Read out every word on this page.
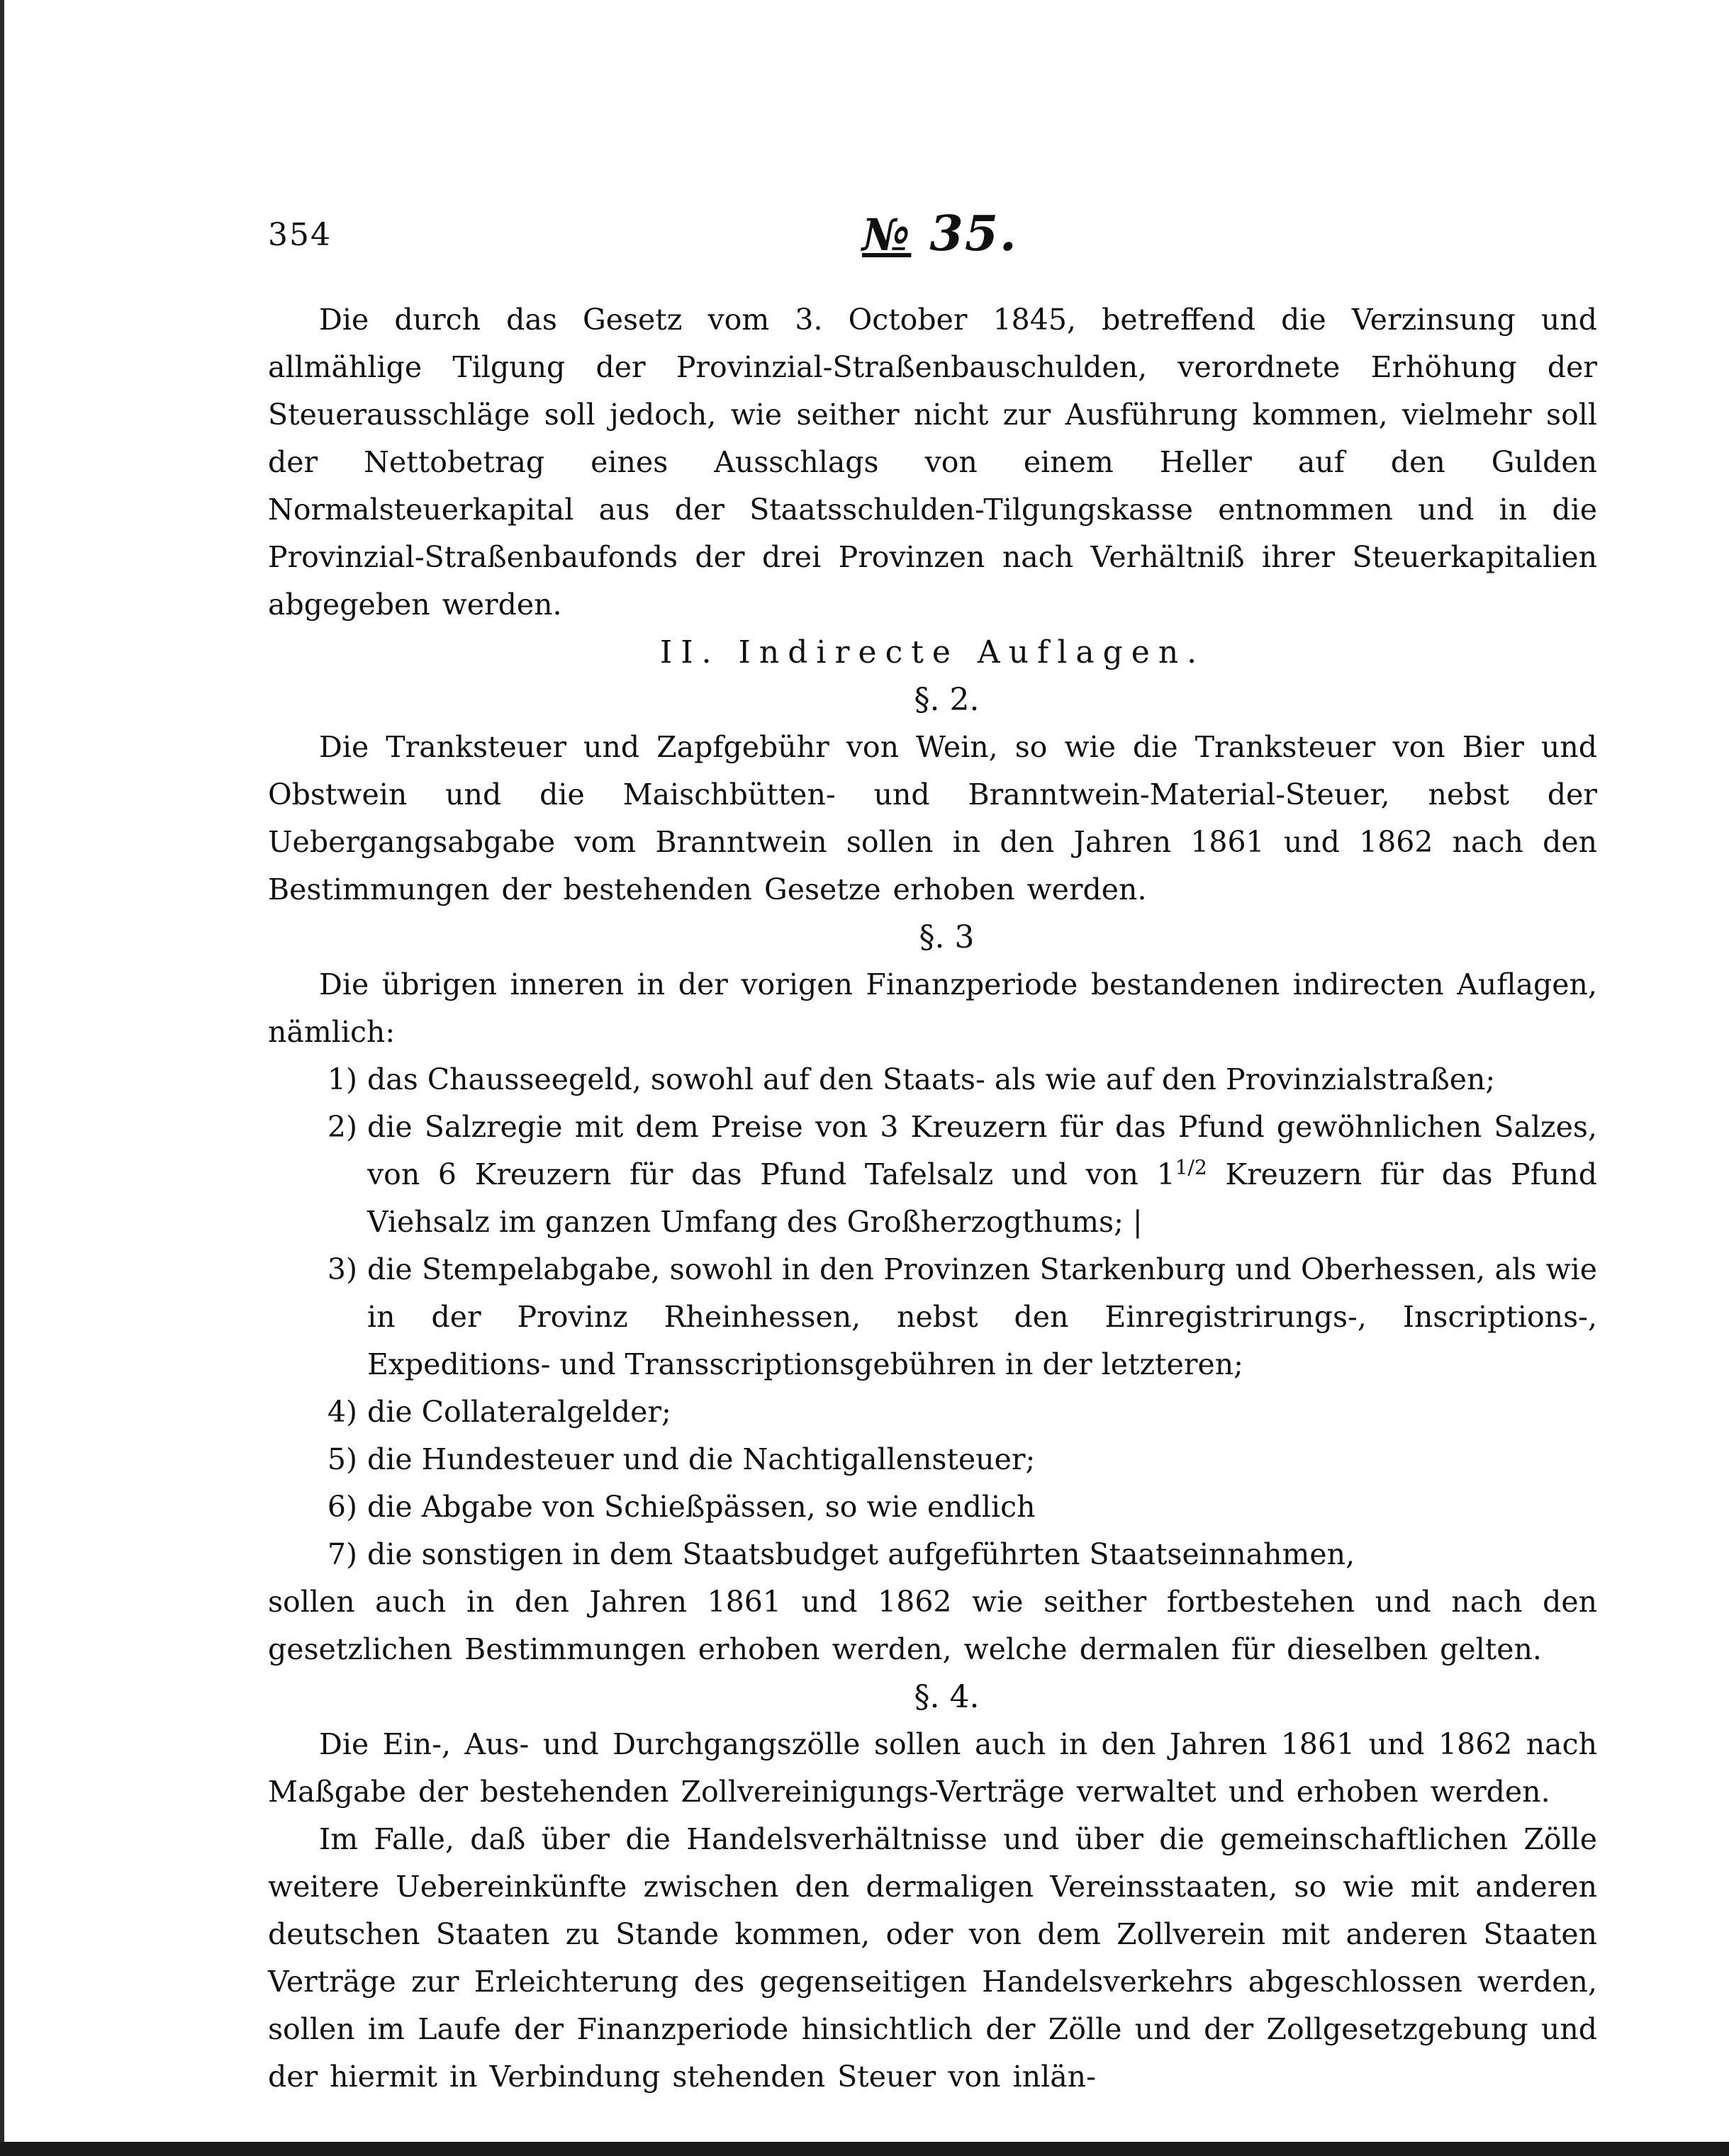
354	№ 35.

Die durch das Gesetz vom 3. October 1845, betreffend die Verzinsung und allmählige Tilgung der Provinzial-Straßenbauschulden, verordnete Erhöhung der Steuerausschläge soll jedoch, wie seither nicht zur Ausführung kommen, vielmehr soll der Nettobetrag eines Ausschlags von einem Heller auf den Gulden Normalsteuerkapital aus der Staatsschulden-Tilgungskasse entnommen und in die Provinzial-Straßenbaufonds der drei Provinzen nach Verhältniß ihrer Steuerkapitalien abgegeben werden.

II. Indirecte Auflagen.

§. 2.

Die Tranksteuer und Zapfgebühr von Wein, so wie die Tranksteuer von Bier und Obstwein und die Maischbütten- und Branntwein-Material-Steuer, nebst der Uebergangsabgabe vom Branntwein sollen in den Jahren 1861 und 1862 nach den Bestimmungen der bestehenden Gesetze erhoben werden.

§. 3

Die übrigen inneren in der vorigen Finanzperiode bestandenen indirecten Auflagen, nämlich:

1) das Chausseegeld, sowohl auf den Staats- als wie auf den Provinzialstraßen;
2) die Salzregie mit dem Preise von 3 Kreuzern für das Pfund gewöhnlichen Salzes, von 6 Kreuzern für das Pfund Tafelsalz und von $1^{1/2}$ Kreuzern für das Pfund Viehsalz im ganzen Umfang des Großherzogthums; |
3) die Stempelabgabe, sowohl in den Provinzen Starkenburg und Oberhessen, als wie in der Provinz Rheinhessen, nebst den Einregistrirungs-, Inscriptions-, Expeditions- und Transscriptionsgebühren in der letzteren;
4) die Collateralgelder;
5) die Hundesteuer und die Nachtigallensteuer;
6) die Abgabe von Schießpässen, so wie endlich
7) die sonstigen in dem Staatsbudget aufgeführten Staatseinnahmen,

sollen auch in den Jahren 1861 und 1862 wie seither fortbestehen und nach den gesetzlichen Bestimmungen erhoben werden, welche dermalen für dieselben gelten.

§. 4.

Die Ein-, Aus- und Durchgangszölle sollen auch in den Jahren 1861 und 1862 nach Maßgabe der bestehenden Zollvereinigungs-Verträge verwaltet und erhoben werden.

Im Falle, daß über die Handelsverhältnisse und über die gemeinschaftlichen Zölle weitere Uebereinkünfte zwischen den dermaligen Vereinsstaaten, so wie mit anderen deutschen Staaten zu Stande kommen, oder von dem Zollverein mit anderen Staaten Verträge zur Erleichterung des gegenseitigen Handelsverkehrs abgeschlossen werden, sollen im Laufe der Finanzperiode hinsichtlich der Zölle und der Zollgesetzgebung und der hiermit in Verbindung stehenden Steuer von inlän-
